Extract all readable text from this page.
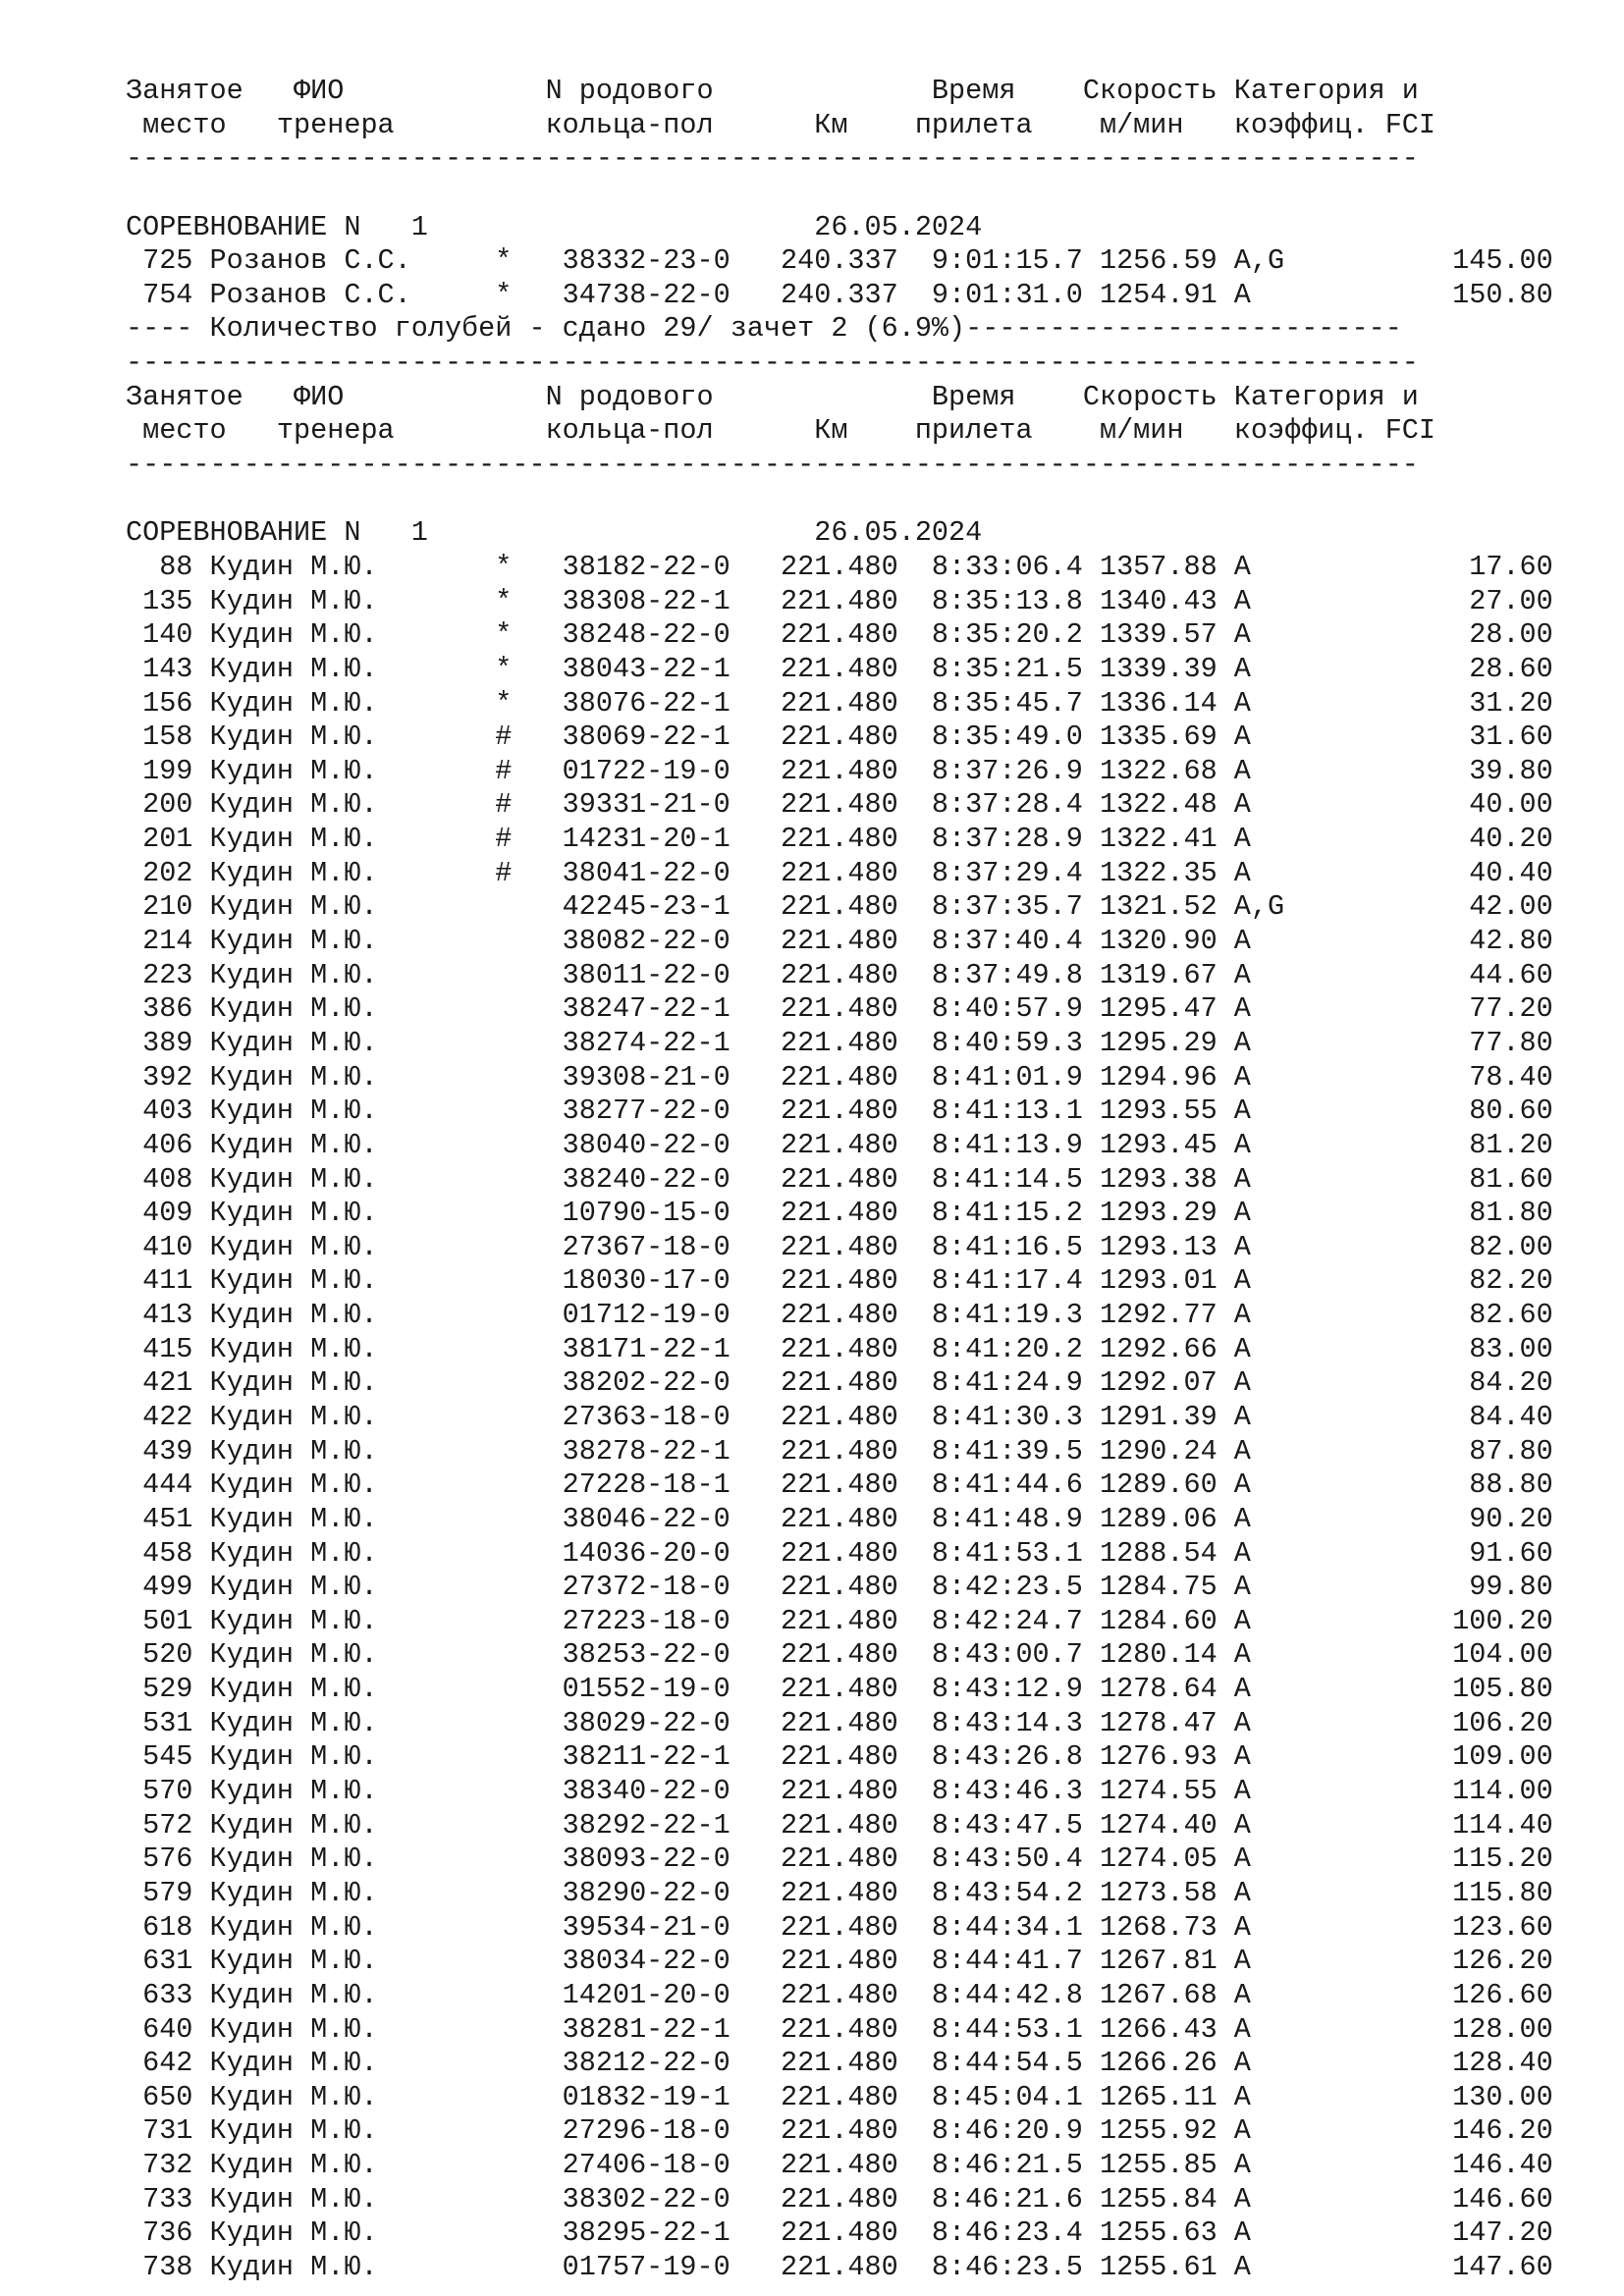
Занятое   ФИО            N родового             Время    Скорость Категория и
место   тренера         кольца-пол      Км    прилета    м/мин   коэффиц. FCI
-----------------------------------------------------------------------------
СОРЕВНОВАНИЕ N   1                       26.05.2024
725 Розанов С.С.     *   38332-23-0   240.337  9:01:15.7 1256.59 A,G          145.00
754 Розанов С.С.     *   34738-22-0   240.337  9:01:31.0 1254.91 A            150.80
---- Количество голубей - сдано 29/ зачет 2 (6.9%)--------------------------
-----------------------------------------------------------------------------
Занятое   ФИО            N родового             Время    Скорость Категория и
место   тренера         кольца-пол      Км    прилета    м/мин   коэффиц. FCI
-----------------------------------------------------------------------------
СОРЕВНОВАНИЕ N   1                       26.05.2024
88 Кудин М.Ю.       *   38182-22-0   221.480  8:33:06.4 1357.88 A             17.60
135 Кудин М.Ю.       *   38308-22-1   221.480  8:35:13.8 1340.43 A             27.00
140 Кудин М.Ю.       *   38248-22-0   221.480  8:35:20.2 1339.57 A             28.00
143 Кудин М.Ю.       *   38043-22-1   221.480  8:35:21.5 1339.39 A             28.60
156 Кудин М.Ю.       *   38076-22-1   221.480  8:35:45.7 1336.14 A             31.20
158 Кудин М.Ю.       #   38069-22-1   221.480  8:35:49.0 1335.69 A             31.60
199 Кудин М.Ю.       #   01722-19-0   221.480  8:37:26.9 1322.68 A             39.80
200 Кудин М.Ю.       #   39331-21-0   221.480  8:37:28.4 1322.48 A             40.00
201 Кудин М.Ю.       #   14231-20-1   221.480  8:37:28.9 1322.41 A             40.20
202 Кудин М.Ю.       #   38041-22-0   221.480  8:37:29.4 1322.35 A             40.40
210 Кудин М.Ю.           42245-23-1   221.480  8:37:35.7 1321.52 A,G           42.00
214 Кудин М.Ю.           38082-22-0   221.480  8:37:40.4 1320.90 A             42.80
223 Кудин М.Ю.           38011-22-0   221.480  8:37:49.8 1319.67 A             44.60
386 Кудин М.Ю.           38247-22-1   221.480  8:40:57.9 1295.47 A             77.20
389 Кудин М.Ю.           38274-22-1   221.480  8:40:59.3 1295.29 A             77.80
392 Кудин М.Ю.           39308-21-0   221.480  8:41:01.9 1294.96 A             78.40
403 Кудин М.Ю.           38277-22-0   221.480  8:41:13.1 1293.55 A             80.60
406 Кудин М.Ю.           38040-22-0   221.480  8:41:13.9 1293.45 A             81.20
408 Кудин М.Ю.           38240-22-0   221.480  8:41:14.5 1293.38 A             81.60
409 Кудин М.Ю.           10790-15-0   221.480  8:41:15.2 1293.29 A             81.80
410 Кудин М.Ю.           27367-18-0   221.480  8:41:16.5 1293.13 A             82.00
411 Кудин М.Ю.           18030-17-0   221.480  8:41:17.4 1293.01 A             82.20
413 Кудин М.Ю.           01712-19-0   221.480  8:41:19.3 1292.77 A             82.60
415 Кудин М.Ю.           38171-22-1   221.480  8:41:20.2 1292.66 A             83.00
421 Кудин М.Ю.           38202-22-0   221.480  8:41:24.9 1292.07 A             84.20
422 Кудин М.Ю.           27363-18-0   221.480  8:41:30.3 1291.39 A             84.40
439 Кудин М.Ю.           38278-22-1   221.480  8:41:39.5 1290.24 A             87.80
444 Кудин М.Ю.           27228-18-1   221.480  8:41:44.6 1289.60 A             88.80
451 Кудин М.Ю.           38046-22-0   221.480  8:41:48.9 1289.06 A             90.20
458 Кудин М.Ю.           14036-20-0   221.480  8:41:53.1 1288.54 A             91.60
499 Кудин М.Ю.           27372-18-0   221.480  8:42:23.5 1284.75 A             99.80
501 Кудин М.Ю.           27223-18-0   221.480  8:42:24.7 1284.60 A            100.20
520 Кудин М.Ю.           38253-22-0   221.480  8:43:00.7 1280.14 A            104.00
529 Кудин М.Ю.           01552-19-0   221.480  8:43:12.9 1278.64 A            105.80
531 Кудин М.Ю.           38029-22-0   221.480  8:43:14.3 1278.47 A            106.20
545 Кудин М.Ю.           38211-22-1   221.480  8:43:26.8 1276.93 A            109.00
570 Кудин М.Ю.           38340-22-0   221.480  8:43:46.3 1274.55 A            114.00
572 Кудин М.Ю.           38292-22-1   221.480  8:43:47.5 1274.40 A            114.40
576 Кудин М.Ю.           38093-22-0   221.480  8:43:50.4 1274.05 A            115.20
579 Кудин М.Ю.           38290-22-0   221.480  8:43:54.2 1273.58 A            115.80
618 Кудин М.Ю.           39534-21-0   221.480  8:44:34.1 1268.73 A            123.60
631 Кудин М.Ю.           38034-22-0   221.480  8:44:41.7 1267.81 A            126.20
633 Кудин М.Ю.           14201-20-0   221.480  8:44:42.8 1267.68 A            126.60
640 Кудин М.Ю.           38281-22-1   221.480  8:44:53.1 1266.43 A            128.00
642 Кудин М.Ю.           38212-22-0   221.480  8:44:54.5 1266.26 A            128.40
650 Кудин М.Ю.           01832-19-1   221.480  8:45:04.1 1265.11 A            130.00
731 Кудин М.Ю.           27296-18-0   221.480  8:46:20.9 1255.92 A            146.20
732 Кудин М.Ю.           27406-18-0   221.480  8:46:21.5 1255.85 A            146.40
733 Кудин М.Ю.           38302-22-0   221.480  8:46:21.6 1255.84 A            146.60
736 Кудин М.Ю.           38295-22-1   221.480  8:46:23.4 1255.63 A            147.20
738 Кудин М.Ю.           01757-19-0   221.480  8:46:23.5 1255.61 A            147.60
